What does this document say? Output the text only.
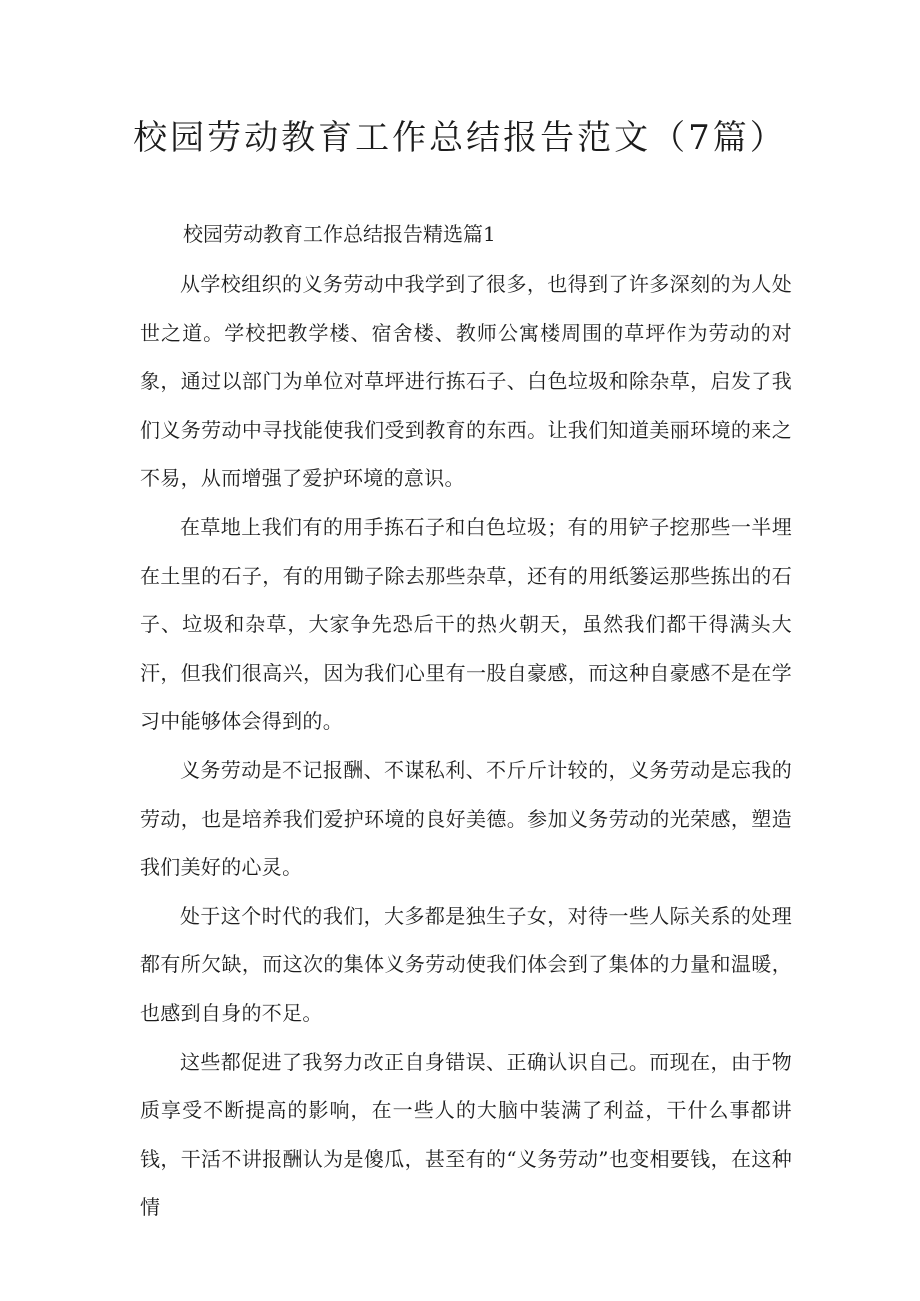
校园劳动教育工作总结报告范文（7篇）
校园劳动教育工作总结报告精选篇1

从学校组织的义务劳动中我学到了很多，也得到了许多深刻的为人处世之道。学校把教学楼、宿舍楼、教师公寓楼周围的草坪作为劳动的对象，通过以部门为单位对草坪进行拣石子、白色垃圾和除杂草，启发了我们义务劳动中寻找能使我们受到教育的东西。让我们知道美丽环境的来之不易，从而增强了爱护环境的意识。

在草地上我们有的用手拣石子和白色垃圾；有的用铲子挖那些一半埋在土里的石子，有的用锄子除去那些杂草，还有的用纸篓运那些拣出的石子、垃圾和杂草，大家争先恐后干的热火朝天，虽然我们都干得满头大汗，但我们很高兴，因为我们心里有一股自豪感，而这种自豪感不是在学习中能够体会得到的。

义务劳动是不记报酬、不谋私利、不斤斤计较的，义务劳动是忘我的劳动，也是培养我们爱护环境的良好美德。参加义务劳动的光荣感，塑造我们美好的心灵。

处于这个时代的我们，大多都是独生子女，对待一些人际关系的处理都有所欠缺，而这次的集体义务劳动使我们体会到了集体的力量和温暖，也感到自身的不足。

这些都促进了我努力改正自身错误、正确认识自己。而现在，由于物质享受不断提高的影响，在一些人的大脑中装满了利益，干什么事都讲钱，干活不讲报酬认为是傻瓜，甚至有的“义务劳动”也变相要钱，在这种情
